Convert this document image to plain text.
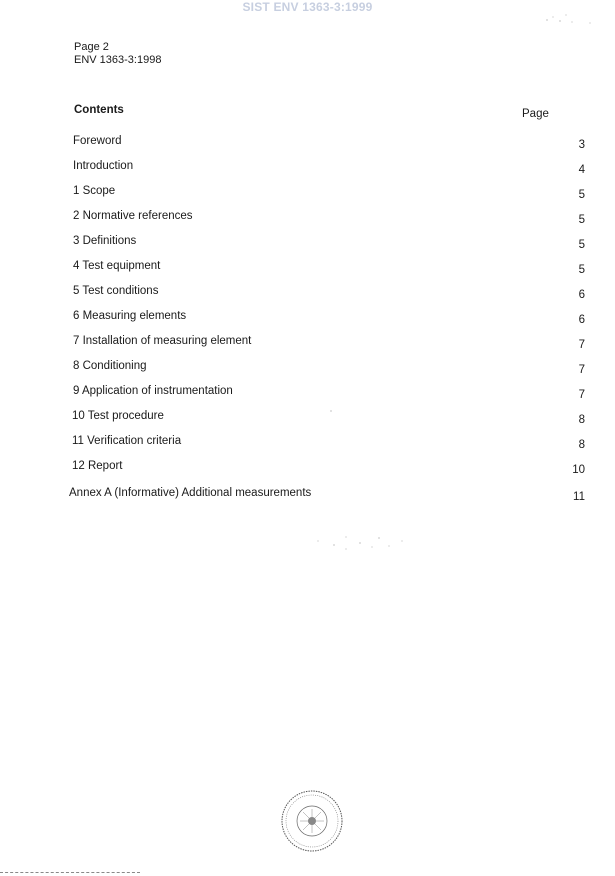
SIST ENV 1363-3:1999
Page 2
ENV 1363-3:1998
Contents	Page
Foreword	3
Introduction	4
1 Scope	5
2 Normative references	5
3 Definitions	5
4 Test equipment	5
5 Test conditions	6
6 Measuring elements	6
7 Installation of measuring element	7
8 Conditioning	7
9 Application of instrumentation	7
10 Test procedure	8
11 Verification criteria	8
12 Report	10
Annex A (Informative) Additional measurements	11
